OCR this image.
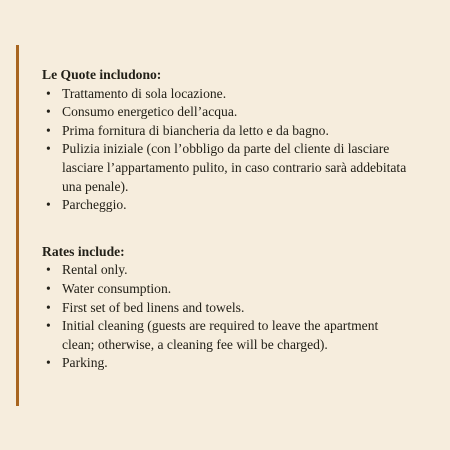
Le Quote includono:
• Trattamento di sola locazione.
• Consumo energetico dell’acqua.
• Prima fornitura di biancheria da letto e da bagno.
• Pulizia iniziale (con l’obbligo da parte del cliente di lasciare
lasciare l’appartamento pulito, in caso contrario sarà addebitata
una penale).
• Parcheggio.
Rates include:
• Rental only.
• Water consumption.
• First set of bed linens and towels.
• Initial cleaning (guests are required to leave the apartment
clean; otherwise, a cleaning fee will be charged).
• Parking.
